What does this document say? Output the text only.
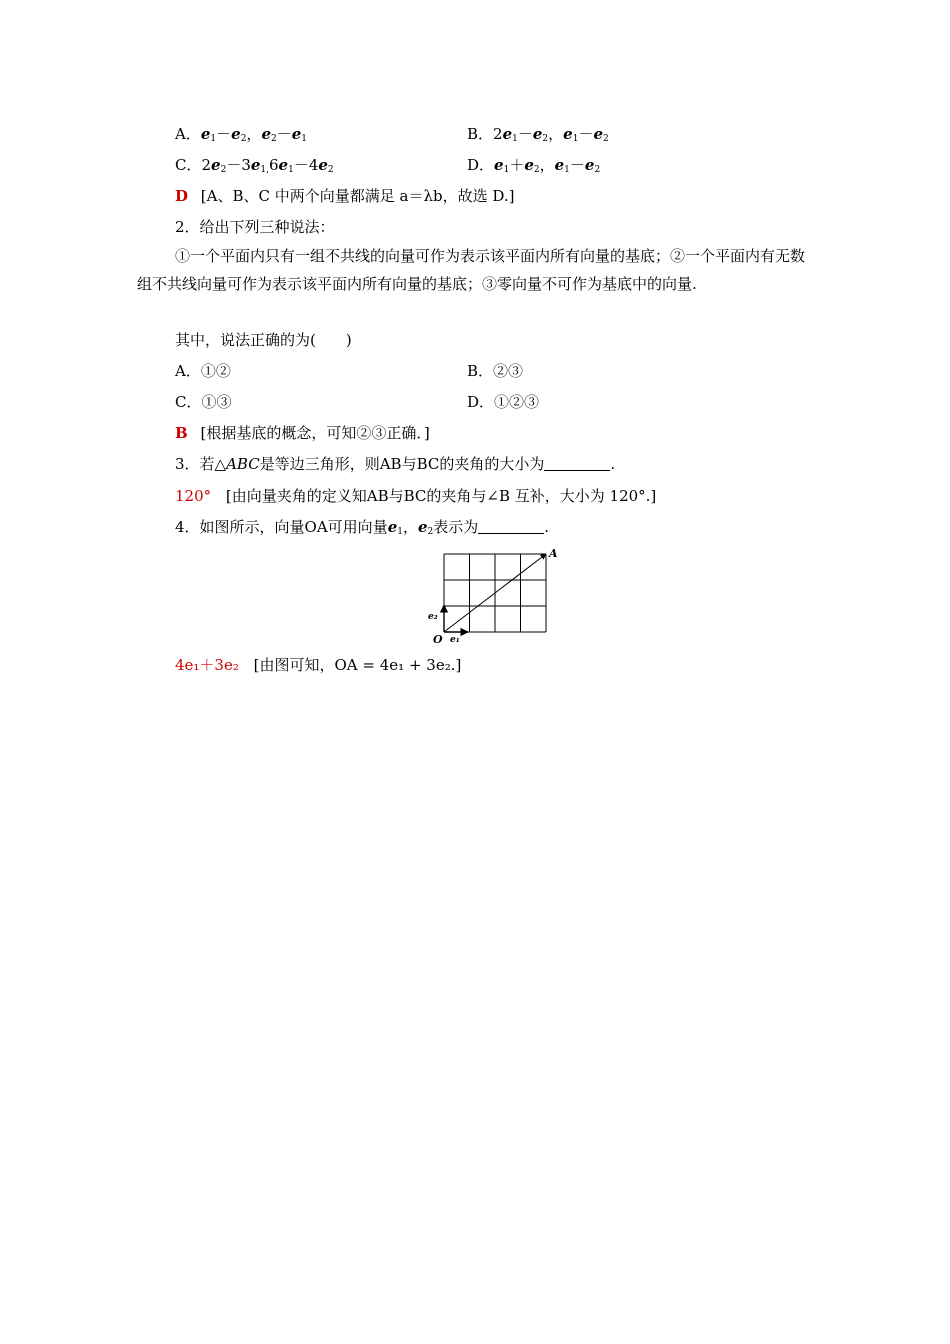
A．$e_1-e_2$，$e_2-e_1$	B．$2e_1-e_2$，$e_1-e_2$
C．$2e_2-3e_{1,}6e_1-4e_2$	D．$e_1+e_2$，$e_1-e_2$
D [A、B、C 中两个向量都满足 a＝λb，故选 D.]
2．给出下列三种说法：
①一个平面内只有一组不共线的向量可作为表示该平面内所有向量的基底；②一个平面内有无数组不共线向量可作为表示该平面内所有向量的基底；③零向量不可作为基底中的向量.
其中，说法正确的为(　　)
A．①②	B．②③
C．①③	D．①②③
B [根据基底的概念，可知②③正确．]
3．若△ABC是等边三角形，则AB与BC的夹角的大小为	.
120° [由向量夹角的定义知AB与BC的夹角与∠B 互补，大小为 120°.]
4．如图所示，向量OA可用向量$e_1$，$e_2$表示为	.
A
O e₁
e₂
4e₁＋3e₂ [由图可知，OA = 4e₁ + 3e₂.]
